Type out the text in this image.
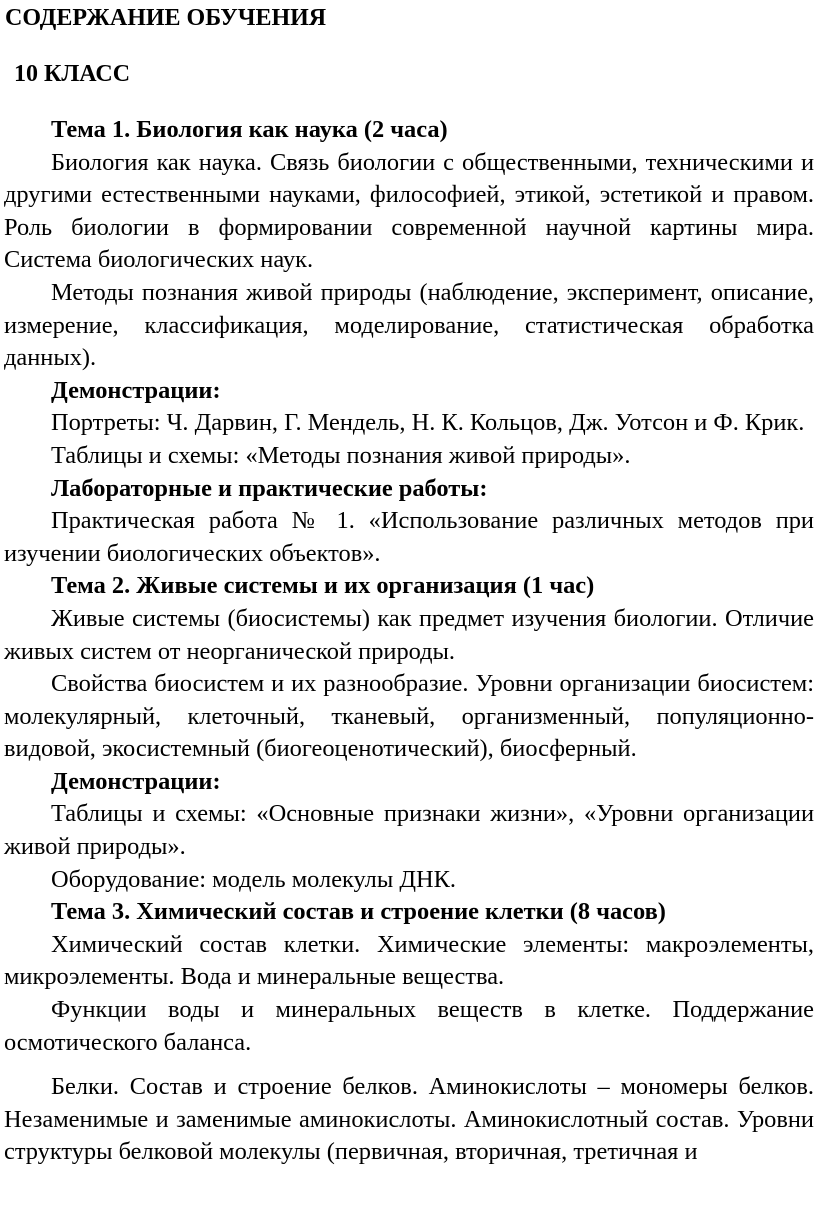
СОДЕРЖАНИЕ ОБУЧЕНИЯ
10 КЛАСС

Тема 1. Биология как наука (2 часа)

Биология как наука. Связь биологии с общественными, техническими и другими естественными науками, философией, этикой, эстетикой и правом. Роль биологии в формировании современной научной картины мира. Система биологических наук.

Методы познания живой природы (наблюдение, эксперимент, описание, измерение, классификация, моделирование, статистическая обработка данных).

Демонстрации:

Портреты: Ч. Дарвин, Г. Мендель, Н. К. Кольцов, Дж. Уотсон и Ф. Крик.

Таблицы и схемы: «Методы познания живой природы».

Лабораторные и практические работы:

Практическая работа № 1. «Использование различных методов при изучении биологических объектов».

Тема 2. Живые системы и их организация (1 час)

Живые системы (биосистемы) как предмет изучения биологии. Отличие живых систем от неорганической природы.

Свойства биосистем и их разнообразие. Уровни организации биосистем: молекулярный, клеточный, тканевый, организменный, популяционно-видовой, экосистемный (биогеоценотический), биосферный.

Демонстрации:

Таблицы и схемы: «Основные признаки жизни», «Уровни организации живой природы».

Оборудование: модель молекулы ДНК.

Тема 3. Химический состав и строение клетки (8 часов)

Химический состав клетки. Химические элементы: макроэлементы, микроэлементы. Вода и минеральные вещества.

Функции воды и минеральных веществ в клетке. Поддержание осмотического баланса.

Белки. Состав и строение белков. Аминокислоты – мономеры белков. Незаменимые и заменимые аминокислоты. Аминокислотный состав. Уровни структуры белковой молекулы (первичная, вторичная, третичная и
